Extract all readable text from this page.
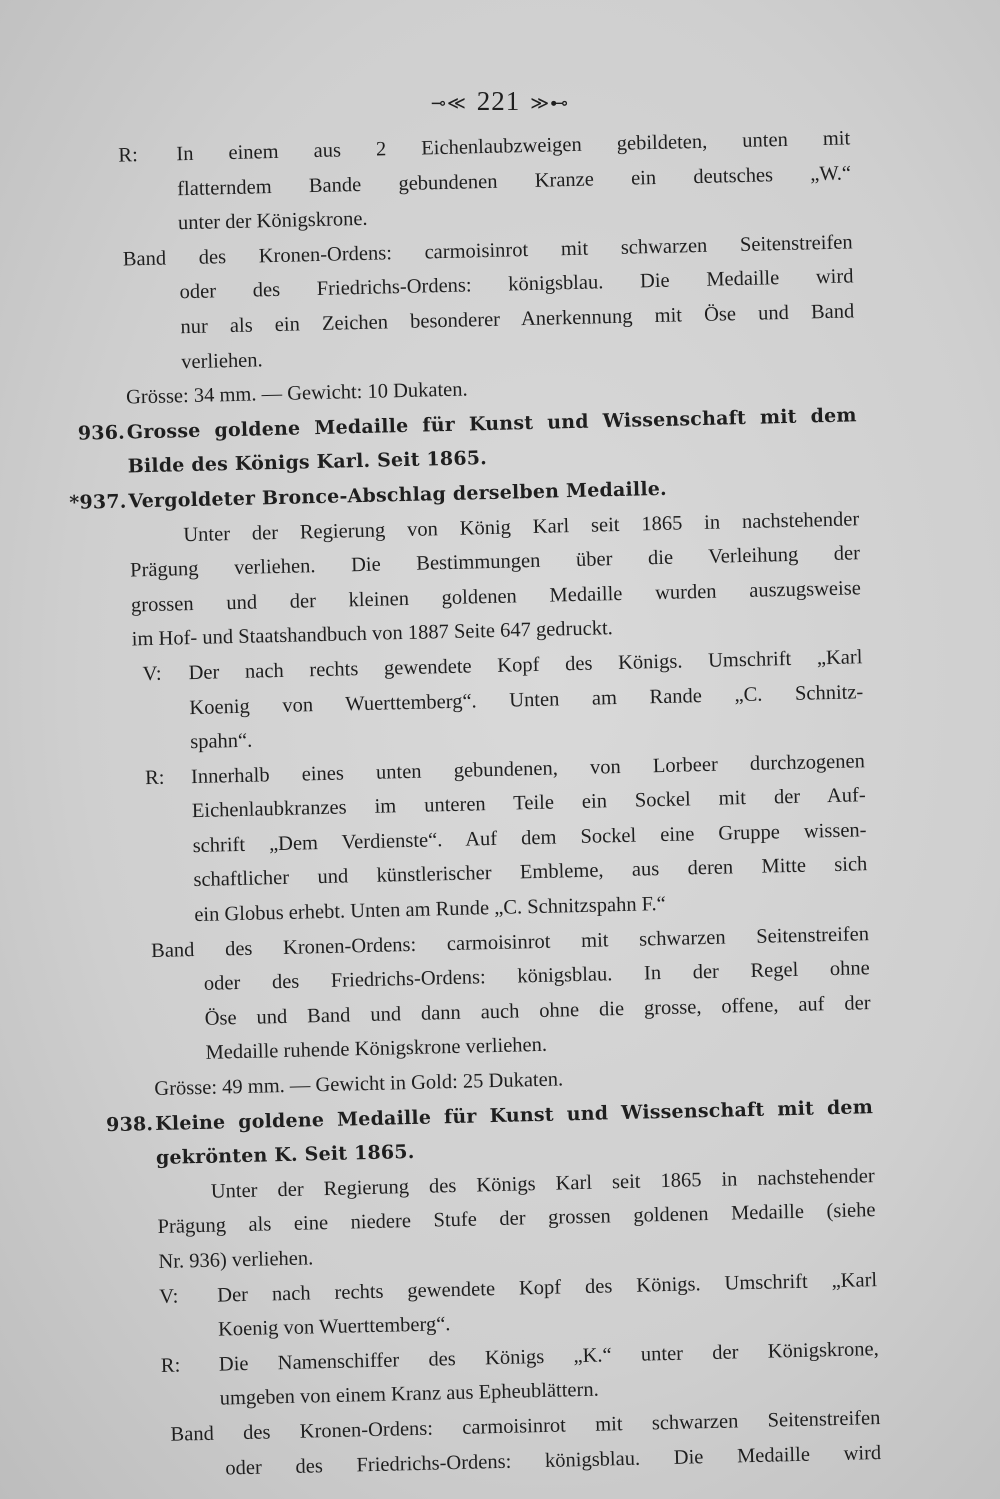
⊸≪ 221 ≫⊷
R: In einem aus 2 Eichenlaubzweigen gebildeten, unten mit
flatterndem Bande gebundenen Kranze ein deutsches „W.“
unter der Königskrone.
Band des Kronen-Ordens: carmoisinrot mit schwarzen Seitenstreifen
oder des Friedrichs-Ordens: königsblau. Die Medaille wird
nur als ein Zeichen besonderer Anerkennung mit Öse und Band
verliehen.
Grösse: 34 mm. — Gewicht: 10 Dukaten.
936. Grosse goldene Medaille für Kunst und Wissenschaft mit dem
Bilde des Königs Karl. Seit 1865.
*937. Vergoldeter Bronce-Abschlag derselben Medaille.
Unter der Regierung von König Karl seit 1865 in nachstehender
Prägung verliehen. Die Bestimmungen über die Verleihung der
grossen und der kleinen goldenen Medaille wurden auszugsweise
im Hof- und Staatshandbuch von 1887 Seite 647 gedruckt.
V: Der nach rechts gewendete Kopf des Königs. Umschrift „Karl
Koenig von Wuerttemberg“. Unten am Rande „C. Schnitz-
spahn“.
R: Innerhalb eines unten gebundenen, von Lorbeer durchzogenen
Eichenlaubkranzes im unteren Teile ein Sockel mit der Auf-
schrift „Dem Verdienste“. Auf dem Sockel eine Gruppe wissen-
schaftlicher und künstlerischer Embleme, aus deren Mitte sich
ein Globus erhebt. Unten am Runde „C. Schnitzspahn F.“
Band des Kronen-Ordens: carmoisinrot mit schwarzen Seitenstreifen
oder des Friedrichs-Ordens: königsblau. In der Regel ohne
Öse und Band und dann auch ohne die grosse, offene, auf der
Medaille ruhende Königskrone verliehen.
Grösse: 49 mm. — Gewicht in Gold: 25 Dukaten.
938. Kleine goldene Medaille für Kunst und Wissenschaft mit dem
gekrönten K. Seit 1865.
Unter der Regierung des Königs Karl seit 1865 in nachstehender
Prägung als eine niedere Stufe der grossen goldenen Medaille (siehe
Nr. 936) verliehen.
V: Der nach rechts gewendete Kopf des Königs. Umschrift „Karl
Koenig von Wuerttemberg“.
R: Die Namenschiffer des Königs „K.“ unter der Königskrone,
umgeben von einem Kranz aus Epheublättern.
Band des Kronen-Ordens: carmoisinrot mit schwarzen Seitenstreifen
oder des Friedrichs-Ordens: königsblau. Die Medaille wird
